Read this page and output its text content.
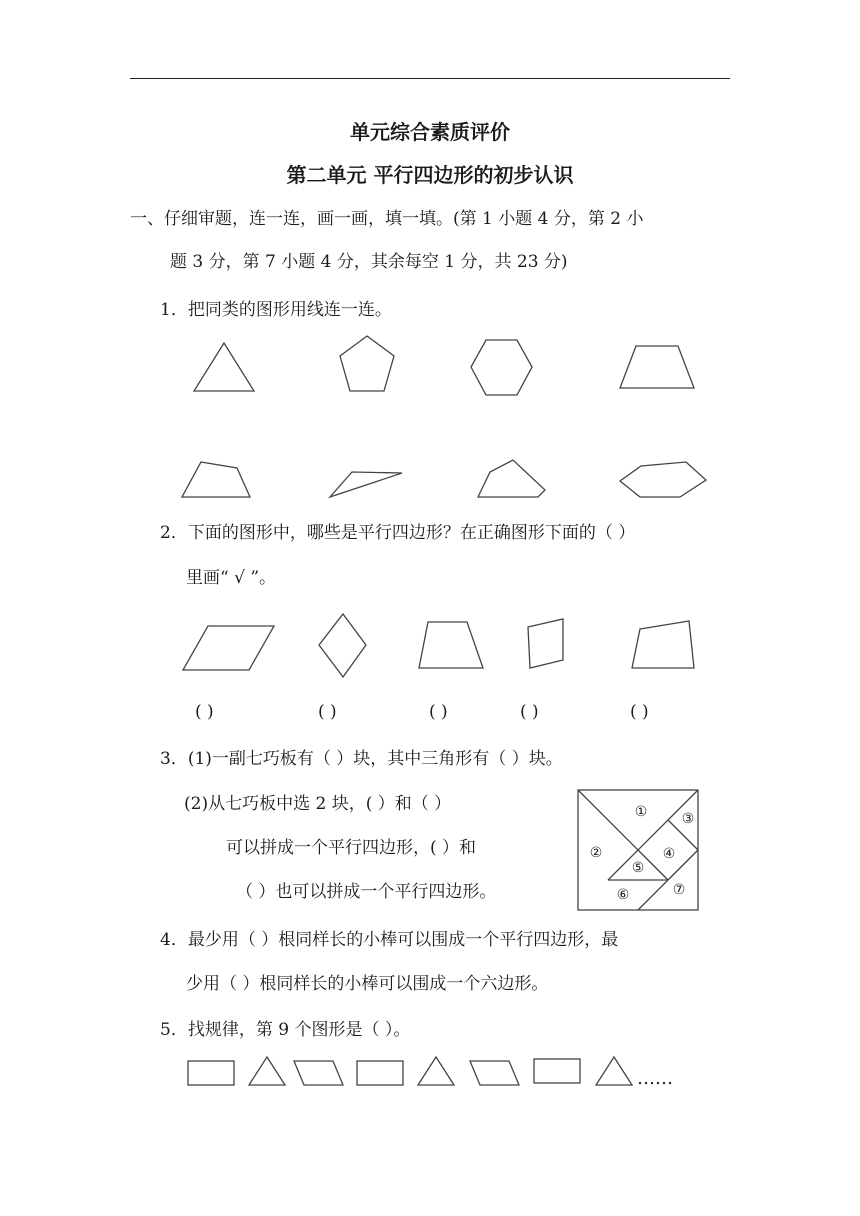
单元综合素质评价
第二单元 平行四边形的初步认识
一、仔细审题，连一连，画一画，填一填。(第 1 小题 4 分，第 2 小
题 3 分，第 7 小题 4 分，其余每空 1 分，共 23 分)
1．把同类的图形用线连一连。
2．下面的图形中，哪些是平行四边形？在正确图形下面的（ ）
里画“ √ ”。
( )	( )	( )	( )	( )
3．(1)一副七巧板有（ ）块，其中三角形有（ ）块。
(2)从七巧板中选 2 块，( ）和（ ）
可以拼成一个平行四边形，( ）和
（ ）也可以拼成一个平行四边形。
①
②
③
④
⑤
⑥	⑦
4．最少用（ ）根同样长的小棒可以围成一个平行四边形，最
少用（ ）根同样长的小棒可以围成一个六边形。
5．找规律，第 9 个图形是（ ）。
……
